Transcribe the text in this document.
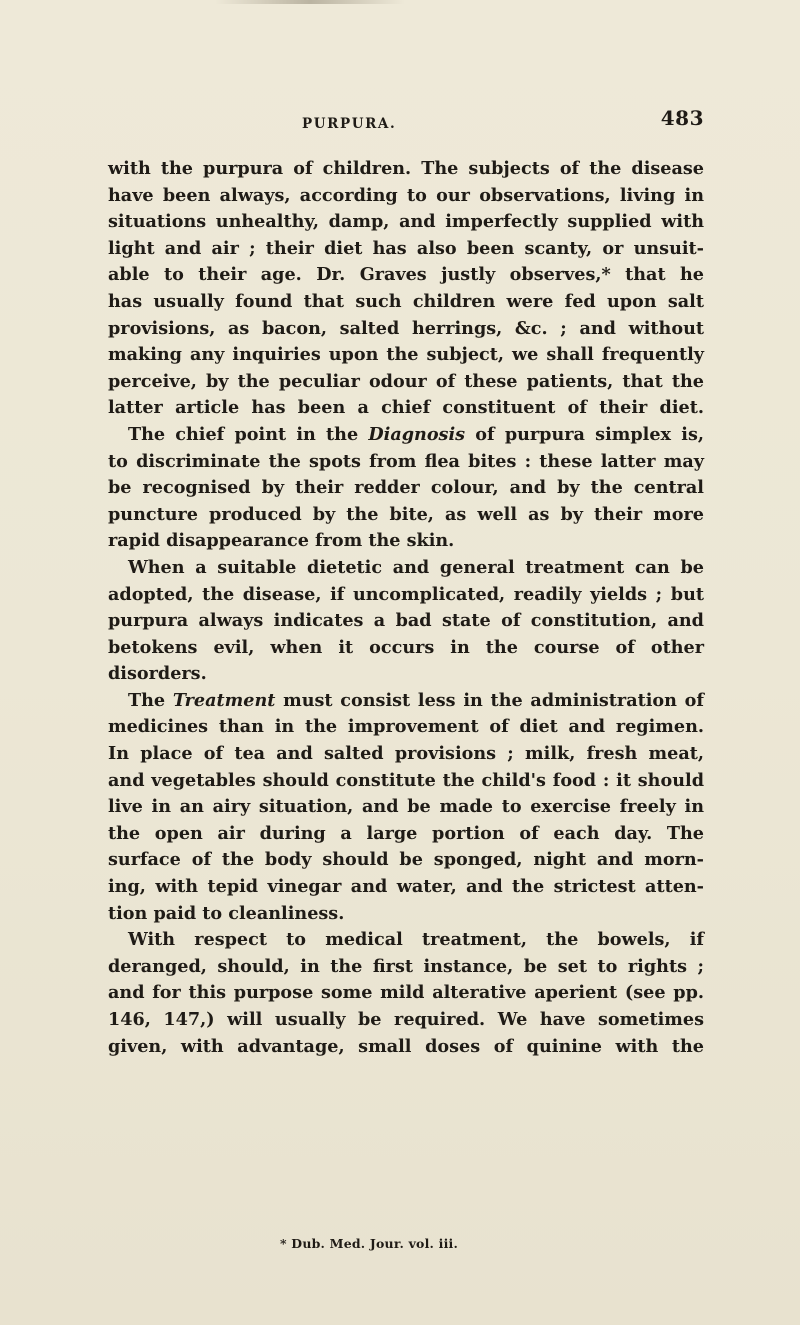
PURPURA.	483
with the purpura of children. The subjects of the disease
have been always, according to our observations, living in
situations unhealthy, damp, and imperfectly supplied with
light and air ; their diet has also been scanty, or unsuit-
able to their age. Dr. Graves justly observes,* that he
has usually found that such children were fed upon salt
provisions, as bacon, salted herrings, &c. ; and without
making any inquiries upon the subject, we shall frequently
perceive, by the peculiar odour of these patients, that the
latter article has been a chief constituent of their diet.
The chief point in the Diagnosis of purpura simplex is,
to discriminate the spots from flea bites : these latter may
be recognised by their redder colour, and by the central
puncture produced by the bite, as well as by their more
rapid disappearance from the skin.
When a suitable dietetic and general treatment can be
adopted, the disease, if uncomplicated, readily yields ; but
purpura always indicates a bad state of constitution, and
betokens evil, when it occurs in the course of other
disorders.
The Treatment must consist less in the administration of
medicines than in the improvement of diet and regimen.
In place of tea and salted provisions ; milk, fresh meat,
and vegetables should constitute the child's food : it should
live in an airy situation, and be made to exercise freely in
the open air during a large portion of each day. The
surface of the body should be sponged, night and morn-
ing, with tepid vinegar and water, and the strictest atten-
tion paid to cleanliness.
With respect to medical treatment, the bowels, if
deranged, should, in the first instance, be set to rights ;
and for this purpose some mild alterative aperient (see pp.
146, 147,) will usually be required. We have sometimes
given, with advantage, small doses of quinine with the
* Dub. Med. Jour. vol. iii.
